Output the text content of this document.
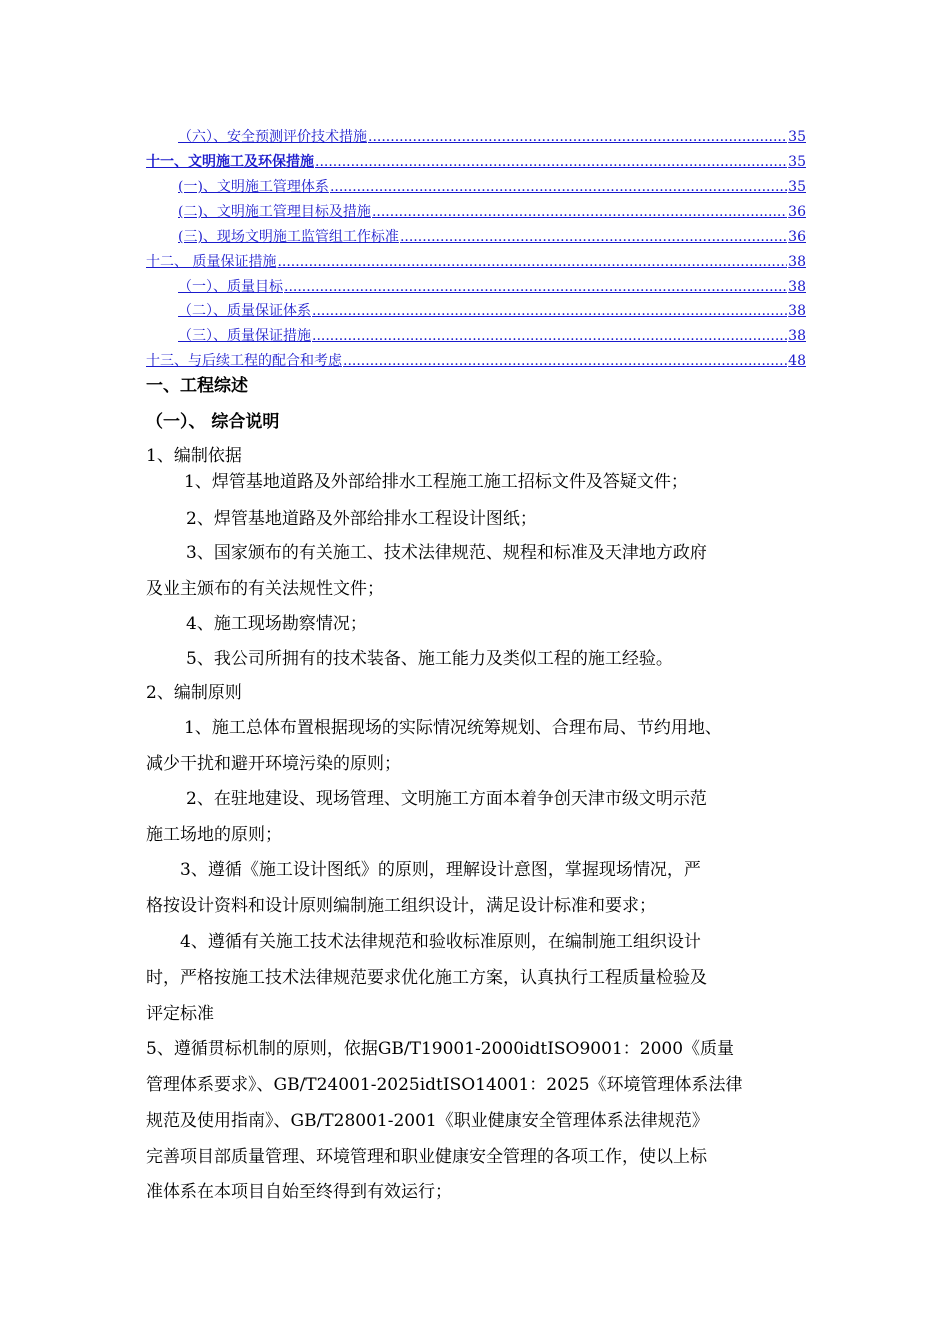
（六）、安全预测评价技术措施 .....	35
十一、文明施工及环保措施 .....	35
(一)、文明施工管理体系 .....	35
(二)、文明施工管理目标及措施 .....	36
(三)、现场文明施工监管组工作标准 .....	36
十二、 质量保证措施 .....	38
（一）、质量目标 .....	38
（二）、质量保证体系 .....	38
（三）、质量保证措施 .....	38
十三、与后续工程的配合和考虑 .....	48
一、工程综述
（一）、 综合说明
1、编制依据
1、焊管基地道路及外部给排水工程施工施工招标文件及答疑文件；
2、焊管基地道路及外部给排水工程设计图纸；
3、国家颁布的有关施工、技术法律规范、规程和标准及天津地方政府
及业主颁布的有关法规性文件；
4、施工现场勘察情况；
5、我公司所拥有的技术装备、施工能力及类似工程的施工经验。
2、编制原则
1、施工总体布置根据现场的实际情况统筹规划、合理布局、节约用地、
减少干扰和避开环境污染的原则；
2、在驻地建设、现场管理、文明施工方面本着争创天津市级文明示范
施工场地的原则；
3、遵循《施工设计图纸》的原则，理解设计意图，掌握现场情况，严
格按设计资料和设计原则编制施工组织设计，满足设计标准和要求；
4、遵循有关施工技术法律规范和验收标准原则，在编制施工组织设计
时，严格按施工技术法律规范要求优化施工方案，认真执行工程质量检验及
评定标准
5、遵循贯标机制的原则，依据GB/T19001-2000idtISO9001：2000《质量
管理体系要求》、GB/T24001-2025idtISO14001：2025《环境管理体系法律
规范及使用指南》、GB/T28001-2001《职业健康安全管理体系法律规范》
完善项目部质量管理、环境管理和职业健康安全管理的各项工作，使以上标
准体系在本项目自始至终得到有效运行；
